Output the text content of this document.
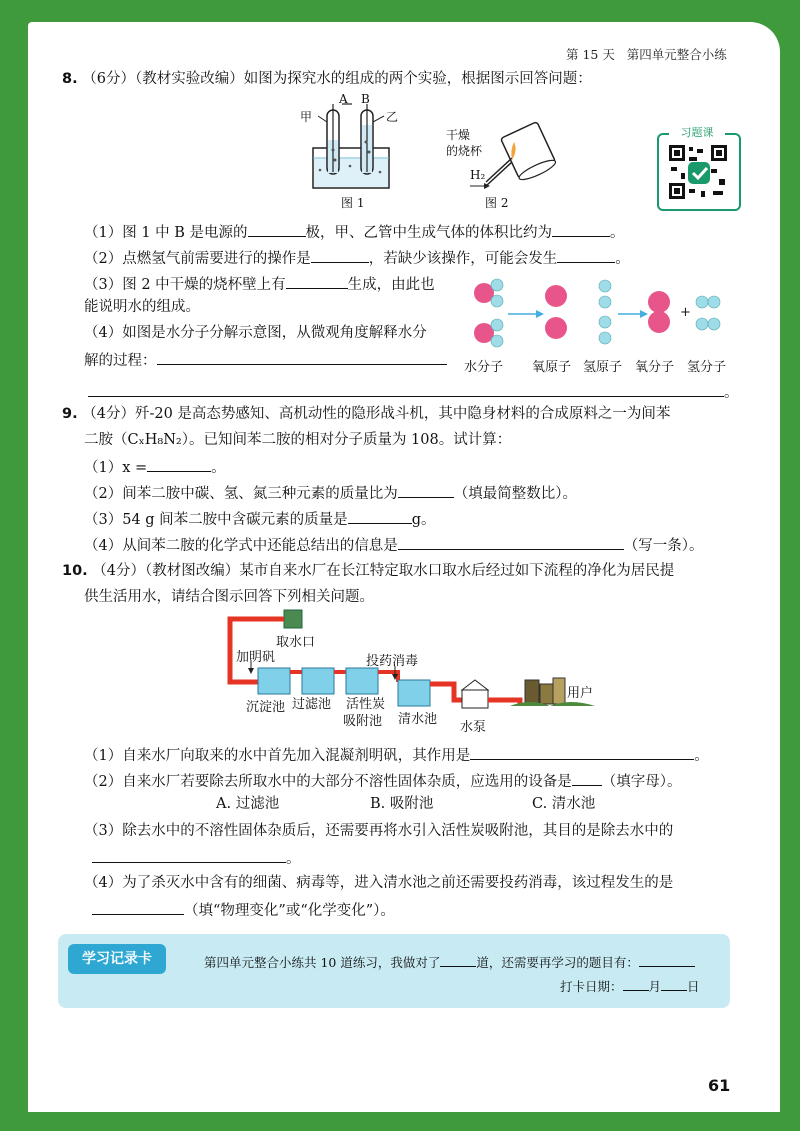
第 15 天 第四单元整合小练
8. （6分）（教材实验改编）如图为探究水的组成的两个实验，根据图示回答问题：
A B
甲	乙
图 1
干燥
的烧杯
H₂
图 2
习题课
（1）图 1 中 B 是电源的	极，甲、乙管中生成气体的体积比约为	。
（2）点燃氢气前需要进行的操作是	，若缺少该操作，可能会发生	。
（3）图 2 中干燥的烧杯壁上有	生成，由此也
能说明水的组成。
（4）如图是水分子分解示意图，从微观角度解释水分
解的过程：
。
+
水分子 氧原子 氢原子 氧分子 氢分子
9. （4分）歼-20 是高态势感知、高机动性的隐形战斗机，其中隐身材料的合成原料之一为间苯
二胺（CₓH₈N₂）。已知间苯二胺的相对分子质量为 108。试计算：
（1）x =	。
（2）间苯二胺中碳、氢、氮三种元素的质量比为	（填最简整数比）。
（3）54 g 间苯二胺中含碳元素的质量是	g。
（4）从间苯二胺的化学式中还能总结出的信息是	（写一条）。
10. （4分）（教材图改编）某市自来水厂在长江特定取水口取水后经过如下流程的净化为居民提
供生活用水，请结合图示回答下列相关问题。
取水口
加明矾	投药消毒
沉淀池 过滤池 活性炭
吸附池 清水池
水泵
用户
（1）自来水厂向取来的水中首先加入混凝剂明矾，其作用是	。
（2）自来水厂若要除去所取水中的大部分不溶性固体杂质，应选用的设备是 （填字母）。
A. 过滤池	B. 吸附池	C. 清水池
（3）除去水中的不溶性固体杂质后，还需要再将水引入活性炭吸附池，其目的是除去水中的
。
（4）为了杀灭水中含有的细菌、病毒等，进入清水池之前还需要投药消毒，该过程发生的是
（填“物理变化”或“化学变化”）。
学习记录卡	第四单元整合小练共 10 道练习，我做对了	道，还需要再学习的题目有：
打卡日期： 月 日
61
